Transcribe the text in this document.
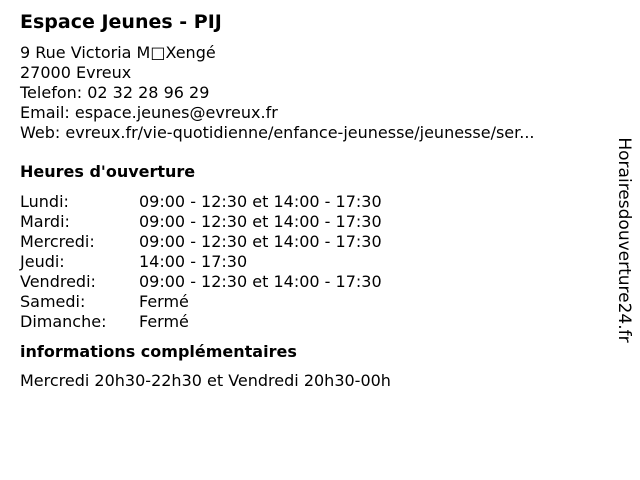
Espace Jeunes - PIJ
9 Rue Victoria M□Xengé
27000 Evreux
Telefon: 02 32 28 96 29
Email: espace.jeunes@evreux.fr
Web: evreux.fr/vie-quotidienne/enfance-jeunesse/jeunesse/ser...
Heures d'ouverture
Lundi:	09:00 - 12:30 et 14:00 - 17:30
Mardi:	09:00 - 12:30 et 14:00 - 17:30
Mercredi:	09:00 - 12:30 et 14:00 - 17:30
Jeudi:	14:00 - 17:30
Vendredi:	09:00 - 12:30 et 14:00 - 17:30
Samedi:	Fermé
Dimanche:	Fermé
informations complémentaires
Mercredi 20h30-22h30 et Vendredi 20h30-00h
Horairesdouverture24.fr
